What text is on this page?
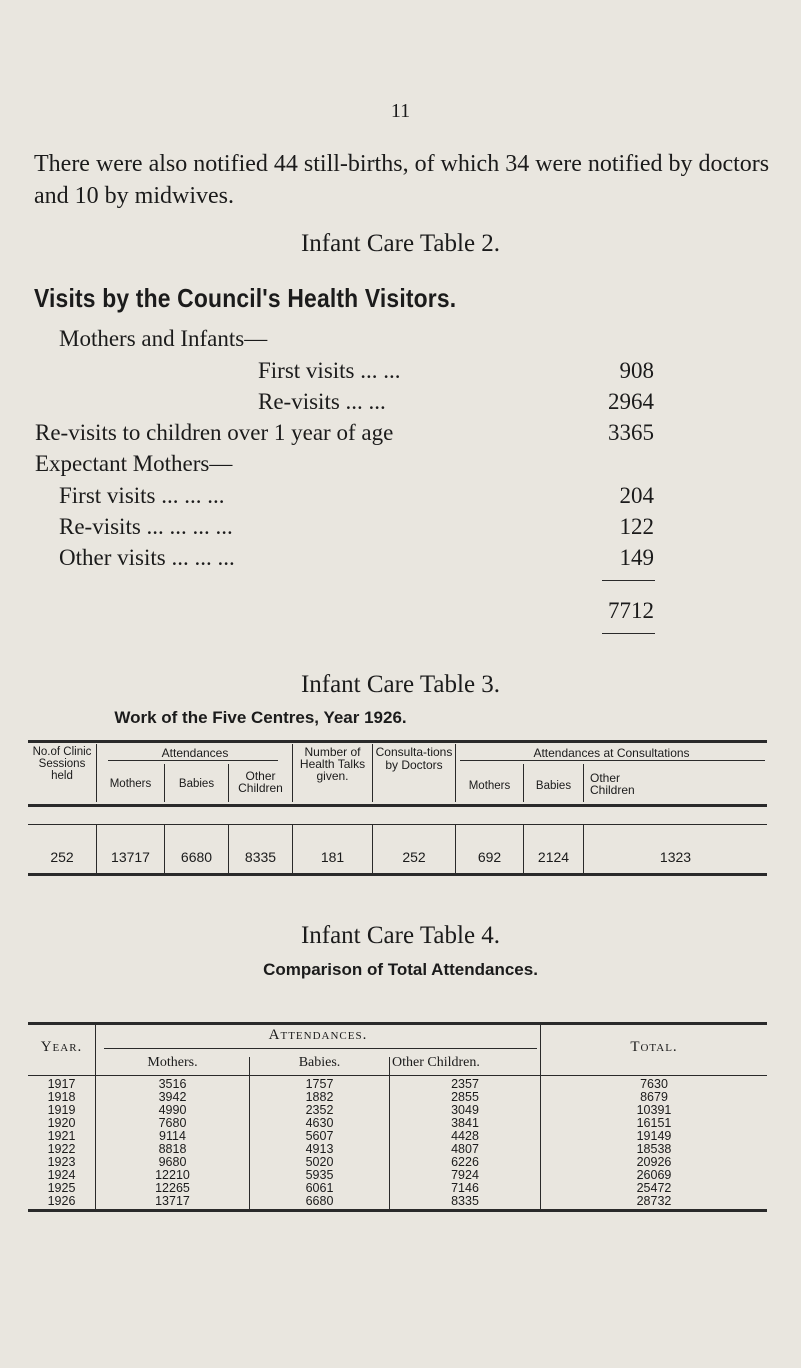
11
There were also notified 44 still-births, of which 34 were notified by doctors and 10 by midwives.
Infant Care Table 2.
Visits by the Council's Health Visitors.
Mothers and Infants—
First visits ... ...	908
Re-visits ... ...	2964
Re-visits to children over 1 year of age	3365
Expectant Mothers—
First visits ... ... ...	204
Re-visits ... ... ... ...	122
Other visits ... ... ...	149
7712
Infant Care Table 3.
Work of the Five Centres, Year 1926.
No.of Clinic Sessions held
Attendances
Mothers	Babies
Other Children
Number of Health Talks given.
Consulta-tions by Doctors
Attendances at Consultations
Mothers	Babies
Other Children
252	13717	6680	8335	181	252	692	2124	1323
Infant Care Table 4.
Comparison of Total Attendances.
Year.
Attendances.
Mothers.	Babies.	Other Children.
Total.
1917	3516	1757	2357	7630
1918	3942	1882	2855	8679
1919	4990	2352	3049	10391
1920	7680	4630	3841	16151
1921	9114	5607	4428	19149
1922	8818	4913	4807	18538
1923	9680	5020	6226	20926
1924	12210	5935	7924	26069
1925	12265	6061	7146	25472
1926	13717	6680	8335	28732
